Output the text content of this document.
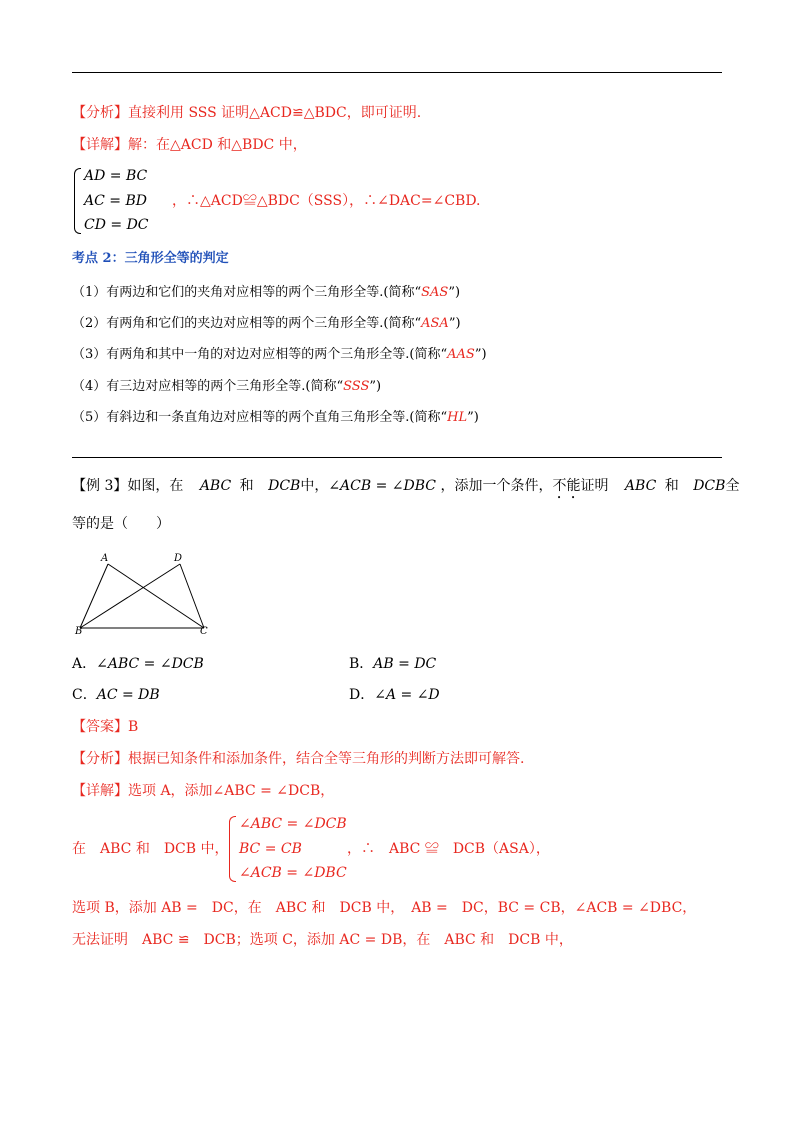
【分析】直接利用 SSS 证明△ACD≌△BDC，即可证明.
【详解】解：在△ACD 和△BDC 中，
AD = BC
AC = BD
CD = DC
，∴△ACD≌△BDC（SSS），∴∠DAC=∠CBD.
考点 2：三角形全等的判定
（1）有两边和它们的夹角对应相等的两个三角形全等.(简称“SAS”)
（2）有两角和它们的夹边对应相等的两个三角形全等.(简称“ASA”)
（3）有两角和其中一角的对边对应相等的两个三角形全等.(简称“AAS”)
（4）有三边对应相等的两个三角形全等.(简称“SSS”)
（5）有斜边和一条直角边对应相等的两个直角三角形全等.(简称“HL”)
【例 3】如图，在 ABC 和 DCB中，∠ACB = ∠DBC ，添加一个条件，不能证明 ABC 和 DCB全
等的是（　　）
A	D
B	C
A．∠ABC = ∠DCB	B．AB = DC
C．AC = DB	D．∠A = ∠D
【答案】B
【分析】根据已知条件和添加条件，结合全等三角形的判断方法即可解答.
【详解】选项 A，添加∠ABC = ∠DCB，
在　ABC 和　DCB 中，
∠ABC = ∠DCB
BC = CB
∠ACB = ∠DBC
，∴　ABC ≌　DCB（ASA），
选项 B，添加 AB =　DC，在　ABC 和　DCB 中，　AB =　DC，BC = CB，∠ACB = ∠DBC，
无法证明　ABC ≌　DCB；选项 C，添加 AC = DB，在　ABC 和　DCB 中，
